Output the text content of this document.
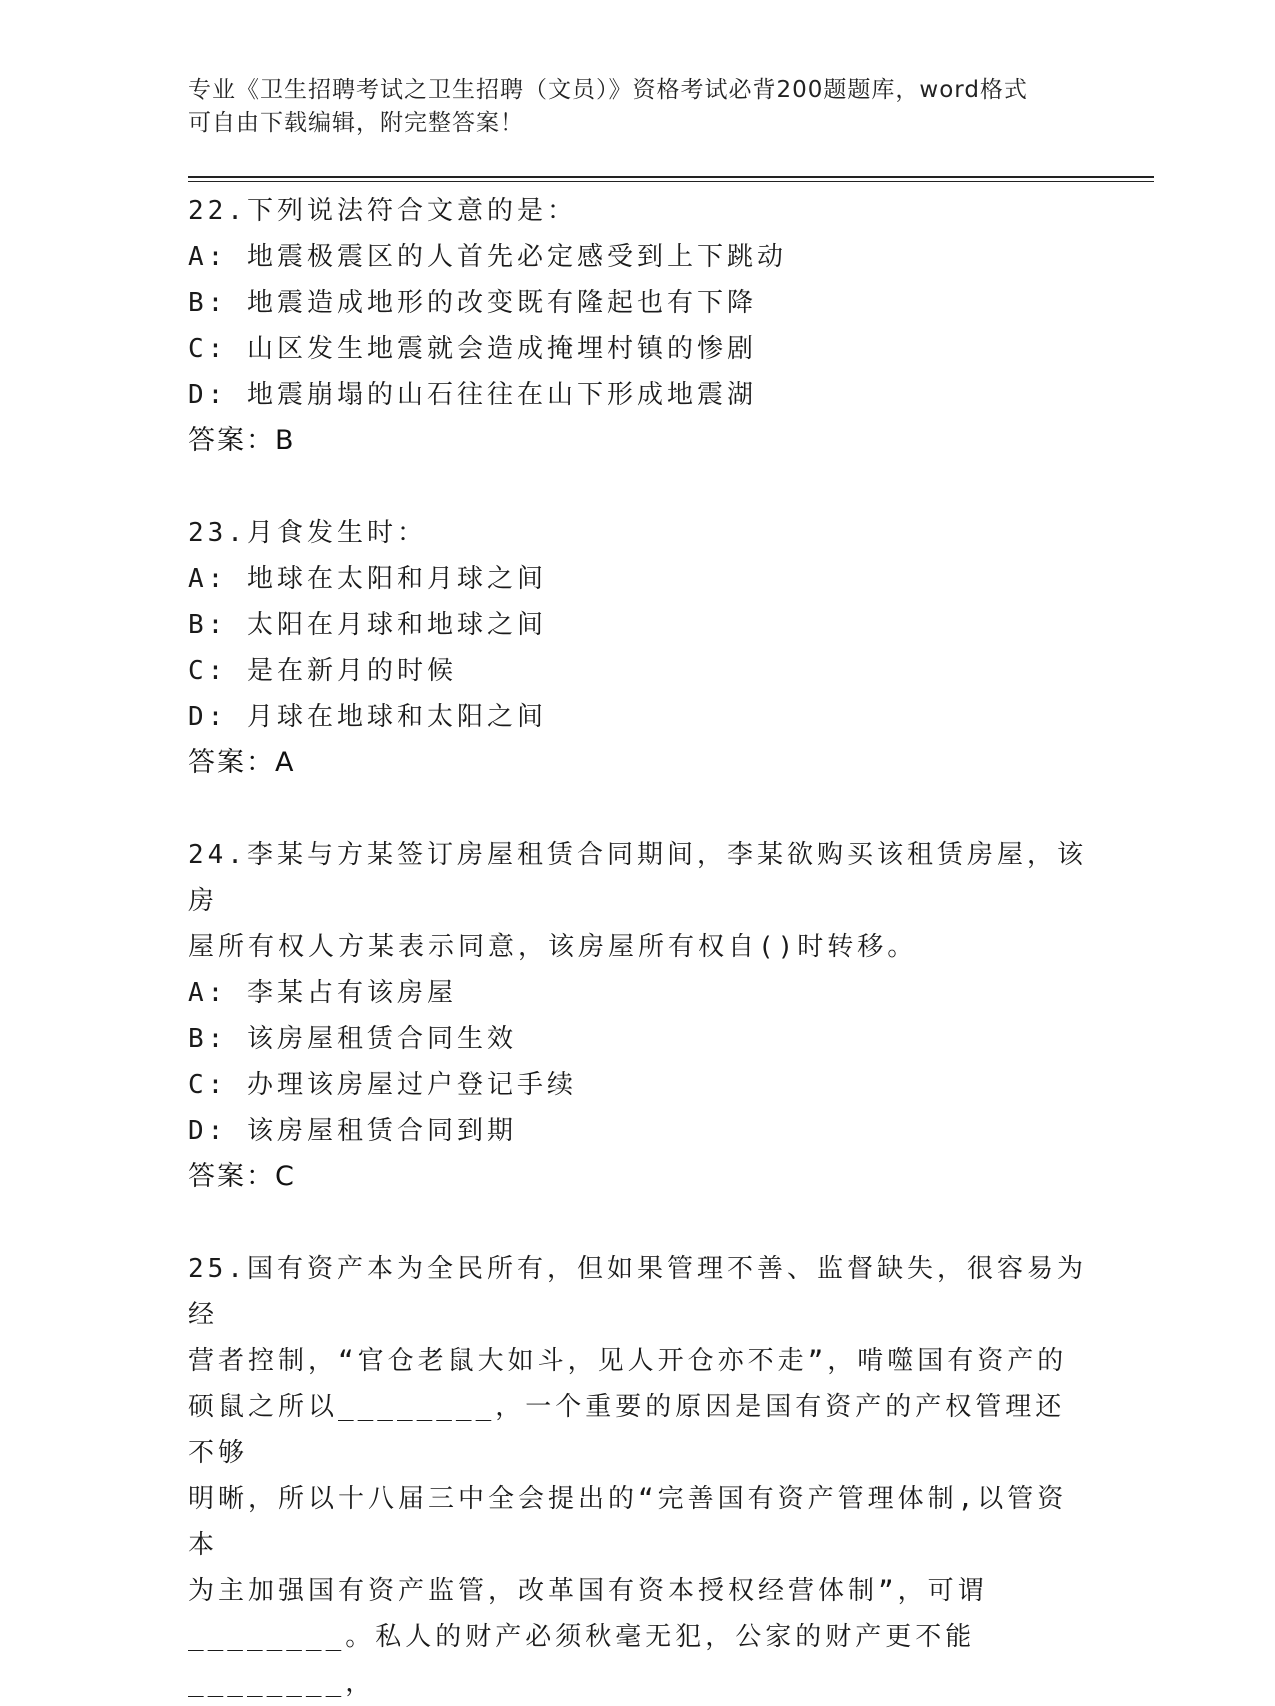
专业《卫生招聘考试之卫生招聘（文员）》资格考试必背200题题库，word格式
可自由下载编辑，附完整答案！

22.下列说法符合文意的是：

A: 地震极震区的人首先必定感受到上下跳动

B: 地震造成地形的改变既有隆起也有下降

C: 山区发生地震就会造成掩埋村镇的惨剧

D: 地震崩塌的山石往往在山下形成地震湖

答案：B

23.月食发生时：

A: 地球在太阳和月球之间

B: 太阳在月球和地球之间

C: 是在新月的时候

D: 月球在地球和太阳之间

答案：A

24.李某与方某签订房屋租赁合同期间，李某欲购买该租赁房屋，该房

屋所有权人方某表示同意，该房屋所有权自()时转移。

A: 李某占有该房屋

B: 该房屋租赁合同生效

C: 办理该房屋过户登记手续

D: 该房屋租赁合同到期

答案：C

25.国有资产本为全民所有，但如果管理不善、监督缺失，很容易为经

营者控制，“官仓老鼠大如斗，见人开仓亦不走”，啃噬国有资产的

硕鼠之所以________，一个重要的原因是国有资产的产权管理还不够

明晰，所以十八届三中全会提出的“完善国有资产管理体制,以管资本

为主加强国有资产监管，改革国有资本授权经营体制”，可谓

________。私人的财产必须秋毫无犯，公家的财产更不能________，
